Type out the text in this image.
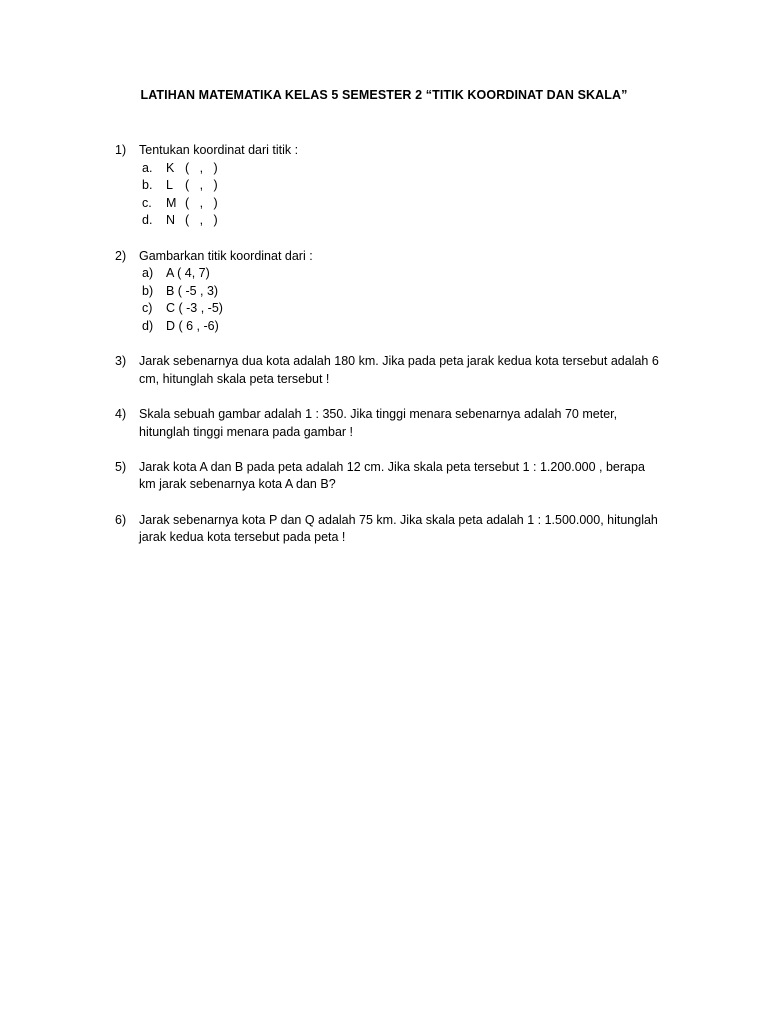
LATIHAN MATEMATIKA KELAS 5 SEMESTER 2 “TITIK KOORDINAT DAN SKALA”
1) Tentukan koordinat dari titik :
a. K (   ,   )
b. L (   ,   )
c. M (   ,   )
d. N (   ,   )
2) Gambarkan titik koordinat dari :
a) A ( 4, 7)
b) B ( -5 , 3)
c) C ( -3 , -5)
d) D ( 6 , -6)
3) Jarak sebenarnya dua kota adalah 180 km. Jika pada peta jarak kedua kota tersebut adalah 6
cm, hitunglah skala peta tersebut !
4) Skala sebuah gambar adalah 1 : 350. Jika tinggi menara sebenarnya adalah 70 meter,
hitunglah tinggi menara pada gambar !
5) Jarak kota A dan B pada peta adalah 12 cm. Jika skala peta tersebut 1 : 1.200.000 , berapa
km jarak sebenarnya kota A dan B?
6) Jarak sebenarnya kota P dan Q adalah 75 km. Jika skala peta adalah 1 : 1.500.000, hitunglah
jarak kedua kota tersebut pada peta !
